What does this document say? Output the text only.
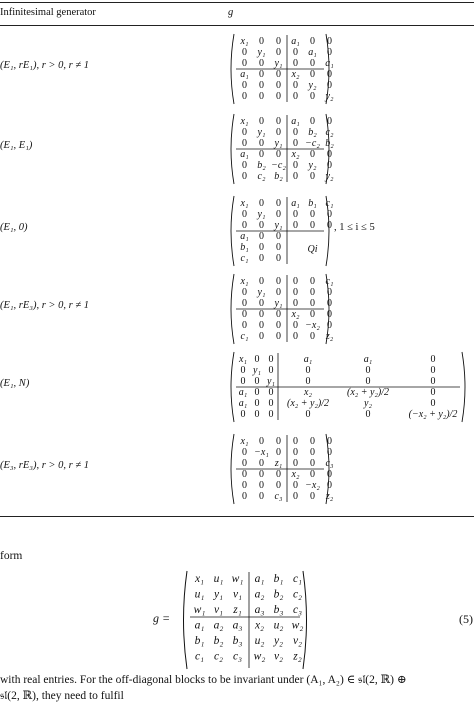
Infinitesimal generator	g
(E₁, rE₁), r > 0, r ≠ 1
x₁ 0 0 a₁ 0 0
0 y₁ 0 0 a₁ 0
0 0 y₁ 0 0 a₁
a₁ 0 0 x₂ 0 0
0 0 0 0 y₂ 0
0 0 0 0 0 y₂
(E₁, E₁)
x₁ 0 0 a₁ 0 0
0 y₁ 0 0 b₂ c₂
0 0 y₁ 0 −c₂ b₂
a₁ 0 0 x₂ 0 0
0 b₂ −c₂ 0 y₂ 0
0 c₂ b₂ 0 0 y₂
(E₁, 0)
x₁ 0 0 a₁ b₁ c₁
0 y₁ 0 0 0 0
0 0 y₁ 0 0 0
a₁ 0 0
b₁ 0 0
c₁ 0 0
Qi
, 1 ≤ i ≤ 5
(E₁, rE₃), r > 0, r ≠ 1
x₁ 0 0 0 0 c₁
0 y₁ 0 0 0 0
0 0 y₁ 0 0 0
0 0 0 x₂ 0 0
0 0 0 0 −x₂ 0
c₁ 0 0 0 0 z₂
(E₁, N)
x₁ 0 0	a₁	a₁	0
0 y₁ 0	0	0	0
0 0 y₁	0	0	0
a₁ 0 0	x₂	(x₂ + y₂)/2	0
a₁ 0 0 (x₂ + y₂)/2	y₂	0
0 0 0	0	0	(−x₂ + y₂)/2
(E₃, rE₃), r > 0, r ≠ 1
x₁ 0 0 0 0 0
0 −x₁ 0 0 0 0
0 0 z₁ 0 0 c₃
0 0 0 x₂ 0 0
0 0 0 0 −x₂ 0
0 0 c₃ 0 0 z₂
form
g =
x₁ u₁ w₁ a₁ b₁ c₁
u₁ y₁ v₁ a₂ b₂ c₂
w₁ v₁ z₁ a₃ b₃ c₃
a₁ a₂ a₃ x₂ u₂ w₂
b₁ b₂ b₃ u₂ y₂ v₂
c₁ c₂ c₃ w₂ v₂ z₂
(5)
with real entries. For the off-diagonal blocks to be invariant under (A₁, A₂) ∈ 𝔰𝔩(2, ℝ) ⊕
𝔰𝔩(2, ℝ), they need to fulfil
